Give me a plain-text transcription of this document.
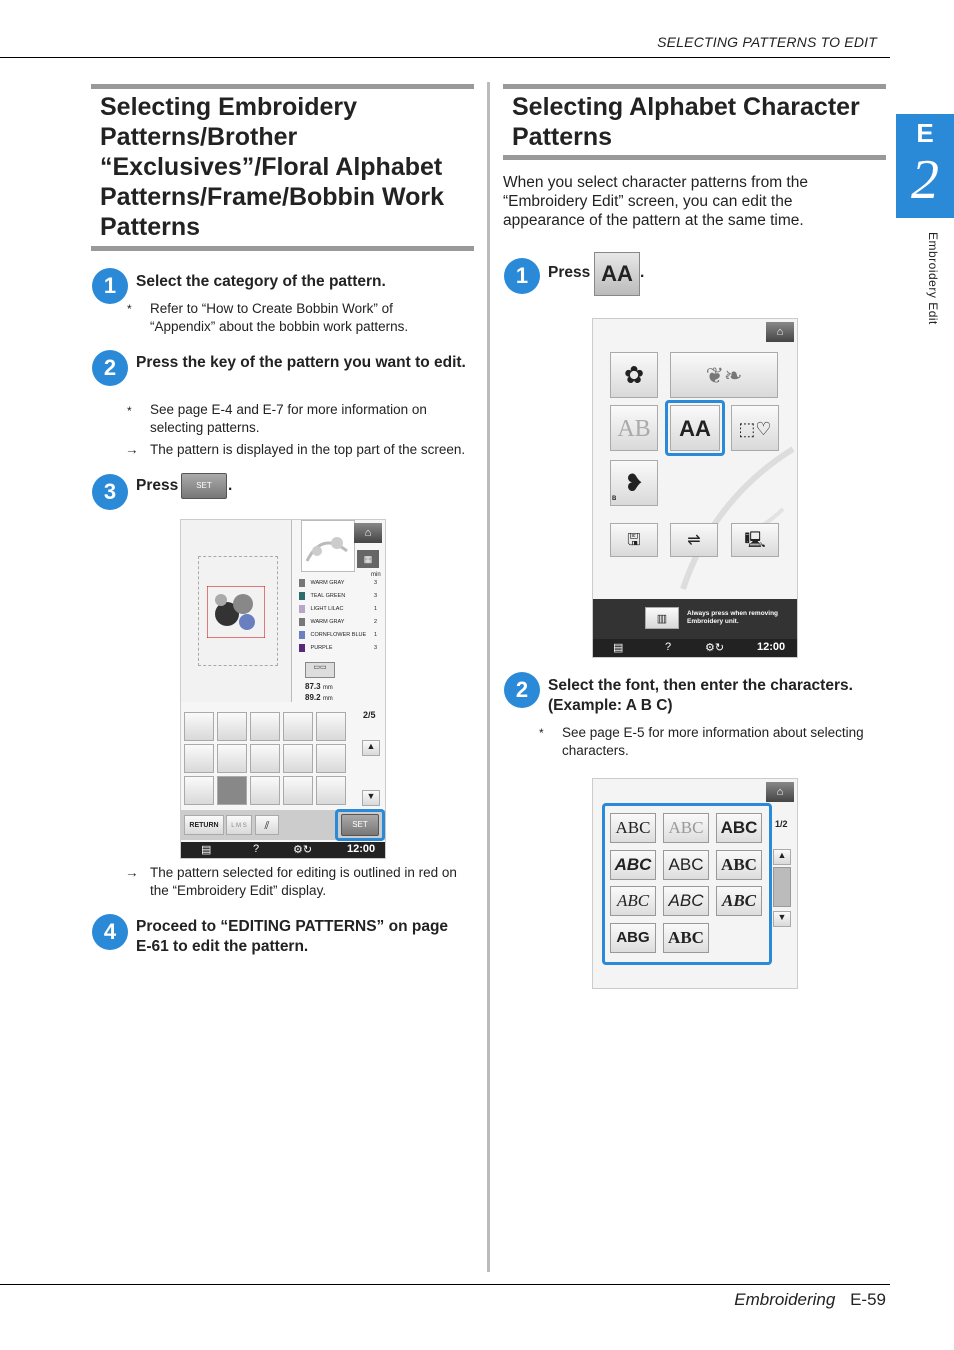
SELECTING PATTERNS TO EDIT
E
2
Embroidery Edit
Selecting Embroidery Patterns/Brother “Exclusives”/Floral Alphabet Patterns/Frame/Bobbin Work Patterns
1	Select the category of the pattern.
* Refer to “How to Create Bobbin Work” of “Appendix” about the bobbin work patterns.
2	Press the key of the pattern you want to edit.
* See page E-4 and E-7 for more information on selecting patterns.
→ The pattern is displayed in the top part of the screen.
3	Press	SET	.
⌂
▦
min
WARM GRAY	3
TEAL GREEN	3
LIGHT LILAC	1
WARM GRAY	2
CORNFLOWER BLUE 1
PURPLE	3
▭▭
87.3 mm
89.2 mm
2/5
▲
▼
RETURN	L M S	⫽	SET
▤	?	⚙↻	12:00
→ The pattern selected for editing is outlined in red on the “Embroidery Edit” display.
4	Proceed to “EDITING PATTERNS” on page E-61 to edit the pattern.
Selecting Alphabet Character Patterns
When you select character patterns from the “Embroidery Edit” screen, you can edit the appearance of the pattern at the same time.
1	Press AA .
⌂
✿	❦❧
AB	AA	⬚♡
❥
B
🖫	⇌	🖳
▥	Always press when removing Embroidery unit.
▤	?	⚙↻	12:00
2	Select the font, then enter the characters. (Example: A B C)
* See page E-5 for more information about selecting characters.
⌂
ABC	ABC	ABC
ABC	ABC	ABC
ABC	ABC	ABC
ABG	ABC
1/2
▲
▼
Embroidering E-59
